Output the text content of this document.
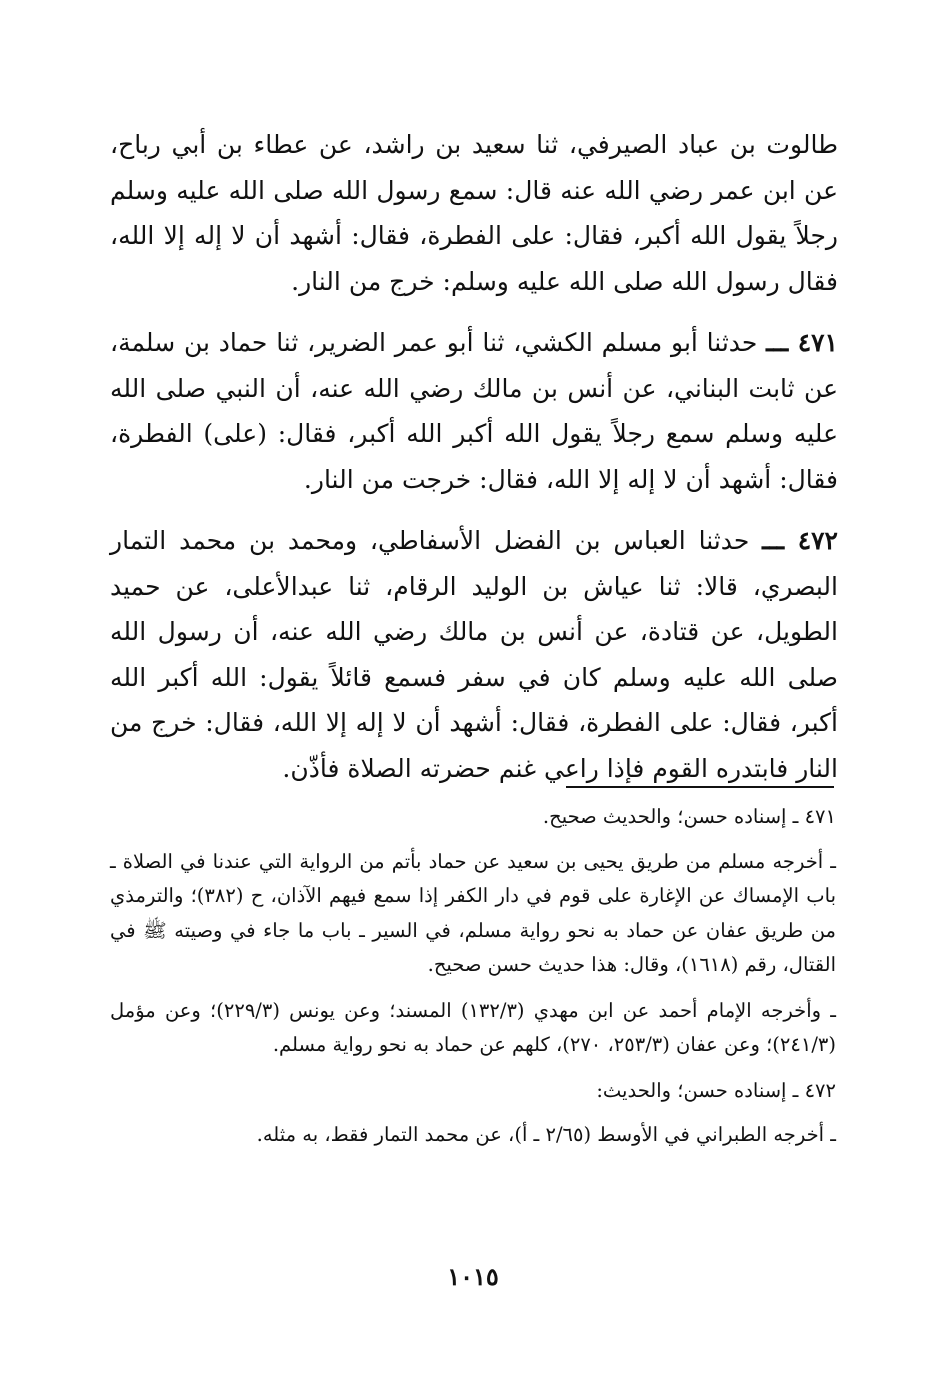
طالوت بن عباد الصيرفي، ثنا سعيد بن راشد، عن عطاء بن أبي رباح، عن ابن عمر رضي الله عنه قال: سمع رسول الله صلى الله عليه وسلم رجلاً يقول الله أكبر، فقال: على الفطرة، فقال: أشهد أن لا إله إلا الله، فقال رسول الله صلى الله عليه وسلم: خرج من النار.

٤٧١ ـــ حدثنا أبو مسلم الكشي، ثنا أبو عمر الضرير، ثنا حماد بن سلمة، عن ثابت البناني، عن أنس بن مالك رضي الله عنه، أن النبي صلى الله عليه وسلم سمع رجلاً يقول الله أكبر الله أكبر، فقال: (على) الفطرة، فقال: أشهد أن لا إله إلا الله، فقال: خرجت من النار.

٤٧٢ ـــ حدثنا العباس بن الفضل الأسفاطي، ومحمد بن محمد التمار البصري، قالا: ثنا عياش بن الوليد الرقام، ثنا عبدالأعلى، عن حميد الطويل، عن قتادة، عن أنس بن مالك رضي الله عنه، أن رسول الله صلى الله عليه وسلم كان في سفر فسمع قائلاً يقول: الله أكبر الله أكبر، فقال: على الفطرة، فقال: أشهد أن لا إله إلا الله، فقال: خرج من النار فابتدره القوم فإذا راعي غنم حضرته الصلاة فأذّن.

٤٧١ ـ إسناده حسن؛ والحديث صحيح.

ـ أخرجه مسلم من طريق يحيى بن سعيد عن حماد بأتم من الرواية التي عندنا في الصلاة ـ باب الإمساك عن الإغارة على قوم في دار الكفر إذا سمع فيهم الآذان، ح (٣٨٢)؛ والترمذي من طريق عفان عن حماد به نحو رواية مسلم، في السير ـ باب ما جاء في وصيته ﷺ في القتال، رقم (١٦١٨)، وقال: هذا حديث حسن صحيح.

ـ وأخرجه الإمام أحمد عن ابن مهدي (١٣٢/٣) المسند؛ وعن يونس (٢٢٩/٣)؛ وعن مؤمل (٢٤١/٣)؛ وعن عفان (٢٥٣/٣، ٢٧٠)، كلهم عن حماد به نحو رواية مسلم.

٤٧٢ ـ إسناده حسن؛ والحديث:

ـ أخرجه الطبراني في الأوسط (٢/٦٥ ـ أ)، عن محمد التمار فقط، به مثله.

١٠١٥
